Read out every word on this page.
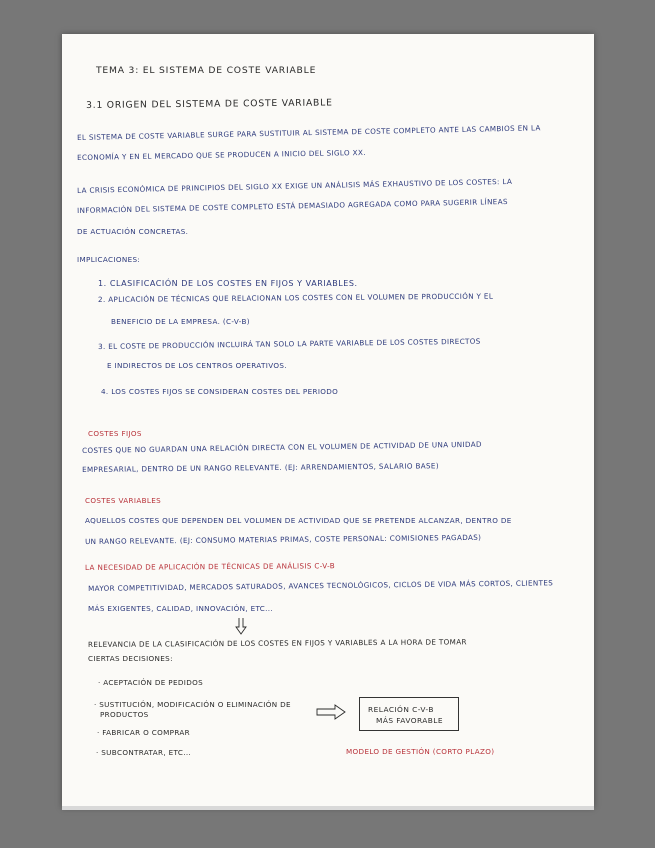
TEMA 3: EL SISTEMA DE COSTE VARIABLE
3.1 ORIGEN DEL SISTEMA DE COSTE VARIABLE
EL SISTEMA DE COSTE VARIABLE SURGE PARA SUSTITUIR AL SISTEMA DE COSTE COMPLETO ANTE LAS CAMBIOS EN LA
ECONOMÍA Y EN EL MERCADO QUE SE PRODUCEN A INICIO DEL SIGLO XX.
LA CRISIS ECONÓMICA DE PRINCIPIOS DEL SIGLO XX EXIGE UN ANÁLISIS MÁS EXHAUSTIVO DE LOS COSTES: LA
INFORMACIÓN DEL SISTEMA DE COSTE COMPLETO ESTÁ DEMASIADO AGREGADA COMO PARA SUGERIR LÍNEAS
DE ACTUACIÓN CONCRETAS.
IMPLICACIONES:
1. CLASIFICACIÓN DE LOS COSTES EN FIJOS Y VARIABLES.
2. APLICACIÓN DE TÉCNICAS QUE RELACIONAN LOS COSTES CON EL VOLUMEN DE PRODUCCIÓN Y EL
BENEFICIO DE LA EMPRESA. (C-V-B)
3. EL COSTE DE PRODUCCIÓN INCLUIRÁ TAN SOLO LA PARTE VARIABLE DE LOS COSTES DIRECTOS
E INDIRECTOS DE LOS CENTROS OPERATIVOS.
4. LOS COSTES FIJOS SE CONSIDERAN COSTES DEL PERIODO
COSTES FIJOS
COSTES QUE NO GUARDAN UNA RELACIÓN DIRECTA CON EL VOLUMEN DE ACTIVIDAD DE UNA UNIDAD
EMPRESARIAL, DENTRO DE UN RANGO RELEVANTE. (EJ: ARRENDAMIENTOS, SALARIO BASE)
COSTES VARIABLES
AQUELLOS COSTES QUE DEPENDEN DEL VOLUMEN DE ACTIVIDAD QUE SE PRETENDE ALCANZAR, DENTRO DE
UN RANGO RELEVANTE. (EJ: CONSUMO MATERIAS PRIMAS, COSTE PERSONAL: COMISIONES PAGADAS)
LA NECESIDAD DE APLICACIÓN DE TÉCNICAS DE ANÁLISIS C-V-B
MAYOR COMPETITIVIDAD, MERCADOS SATURADOS, AVANCES TECNOLÓGICOS, CICLOS DE VIDA MÁS CORTOS, CLIENTES
MÁS EXIGENTES, CALIDAD, INNOVACIÓN, ETC...
RELEVANCIA DE LA CLASIFICACIÓN DE LOS COSTES EN FIJOS Y VARIABLES A LA HORA DE TOMAR
CIERTAS DECISIONES:
· ACEPTACIÓN DE PEDIDOS
· SUSTITUCIÓN, MODIFICACIÓN O ELIMINACIÓN DE
PRODUCTOS
· FABRICAR O COMPRAR
· SUBCONTRATAR, ETC...
RELACIÓN C-V-B
MÁS FAVORABLE
MODELO DE GESTIÓN (CORTO PLAZO)
